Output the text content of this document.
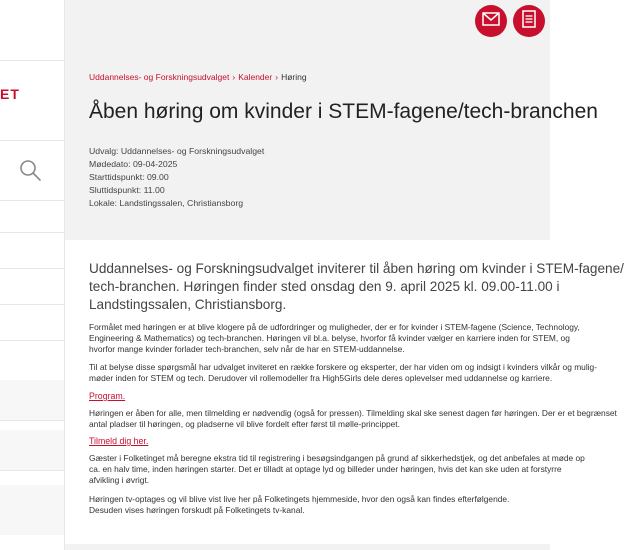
ET
Uddannelses- og Forskningsudvalget › Kalender › Høring
Åben høring om kvinder i STEM-fagene/tech-branchen
Udvalg: Uddannelses- og Forskningsudvalget
Mødedato: 09-04-2025
Starttidspunkt: 09.00
Sluttidspunkt: 11.00
Lokale: Landstingssalen, Christiansborg
Uddannelses- og Forskningsudvalget inviterer til åben høring om kvinder i STEM-fagene/
tech-branchen. Høringen finder sted onsdag den 9. april 2025 kl. 09.00-11.00 i
Landstingssalen, Christiansborg.
Formålet med høringen er at blive klogere på de udfordringer og muligheder, der er for kvinder i STEM-fagene (Science, Technology,
Engineering & Mathematics) og tech-branchen. Høringen vil bl.a. belyse, hvorfor få kvinder vælger en karriere inden for STEM, og
hvorfor mange kvinder forlader tech-branchen, selv når de har en STEM-uddannelse.
Til at belyse disse spørgsmål har udvalget inviteret en række forskere og eksperter, der har viden om og indsigt i kvinders vilkår og mulig-
møder inden for STEM og tech. Derudover vil rollemodeller fra High5Girls dele deres oplevelser med uddannelse og karriere.
Program.
Høringen er åben for alle, men tilmelding er nødvendig (også for pressen). Tilmelding skal ske senest dagen før høringen. Der er et begrænset
antal pladser til høringen, og pladserne vil blive fordelt efter først til mølle-princippet.
Tilmeld dig her.
Gæster i Folketinget må beregne ekstra tid til registrering i besøgsindgangen på grund af sikkerhedstjek, og det anbefales at møde op
ca. en halv time, inden høringen starter. Det er tilladt at optage lyd og billeder under høringen, hvis det kan ske uden at forstyrre
afvikling i øvrigt.
Høringen tv-optages og vil blive vist live her på Folketingets hjemmeside, hvor den også kan findes efterfølgende.
Desuden vises høringen forskudt på Folketingets tv-kanal.
